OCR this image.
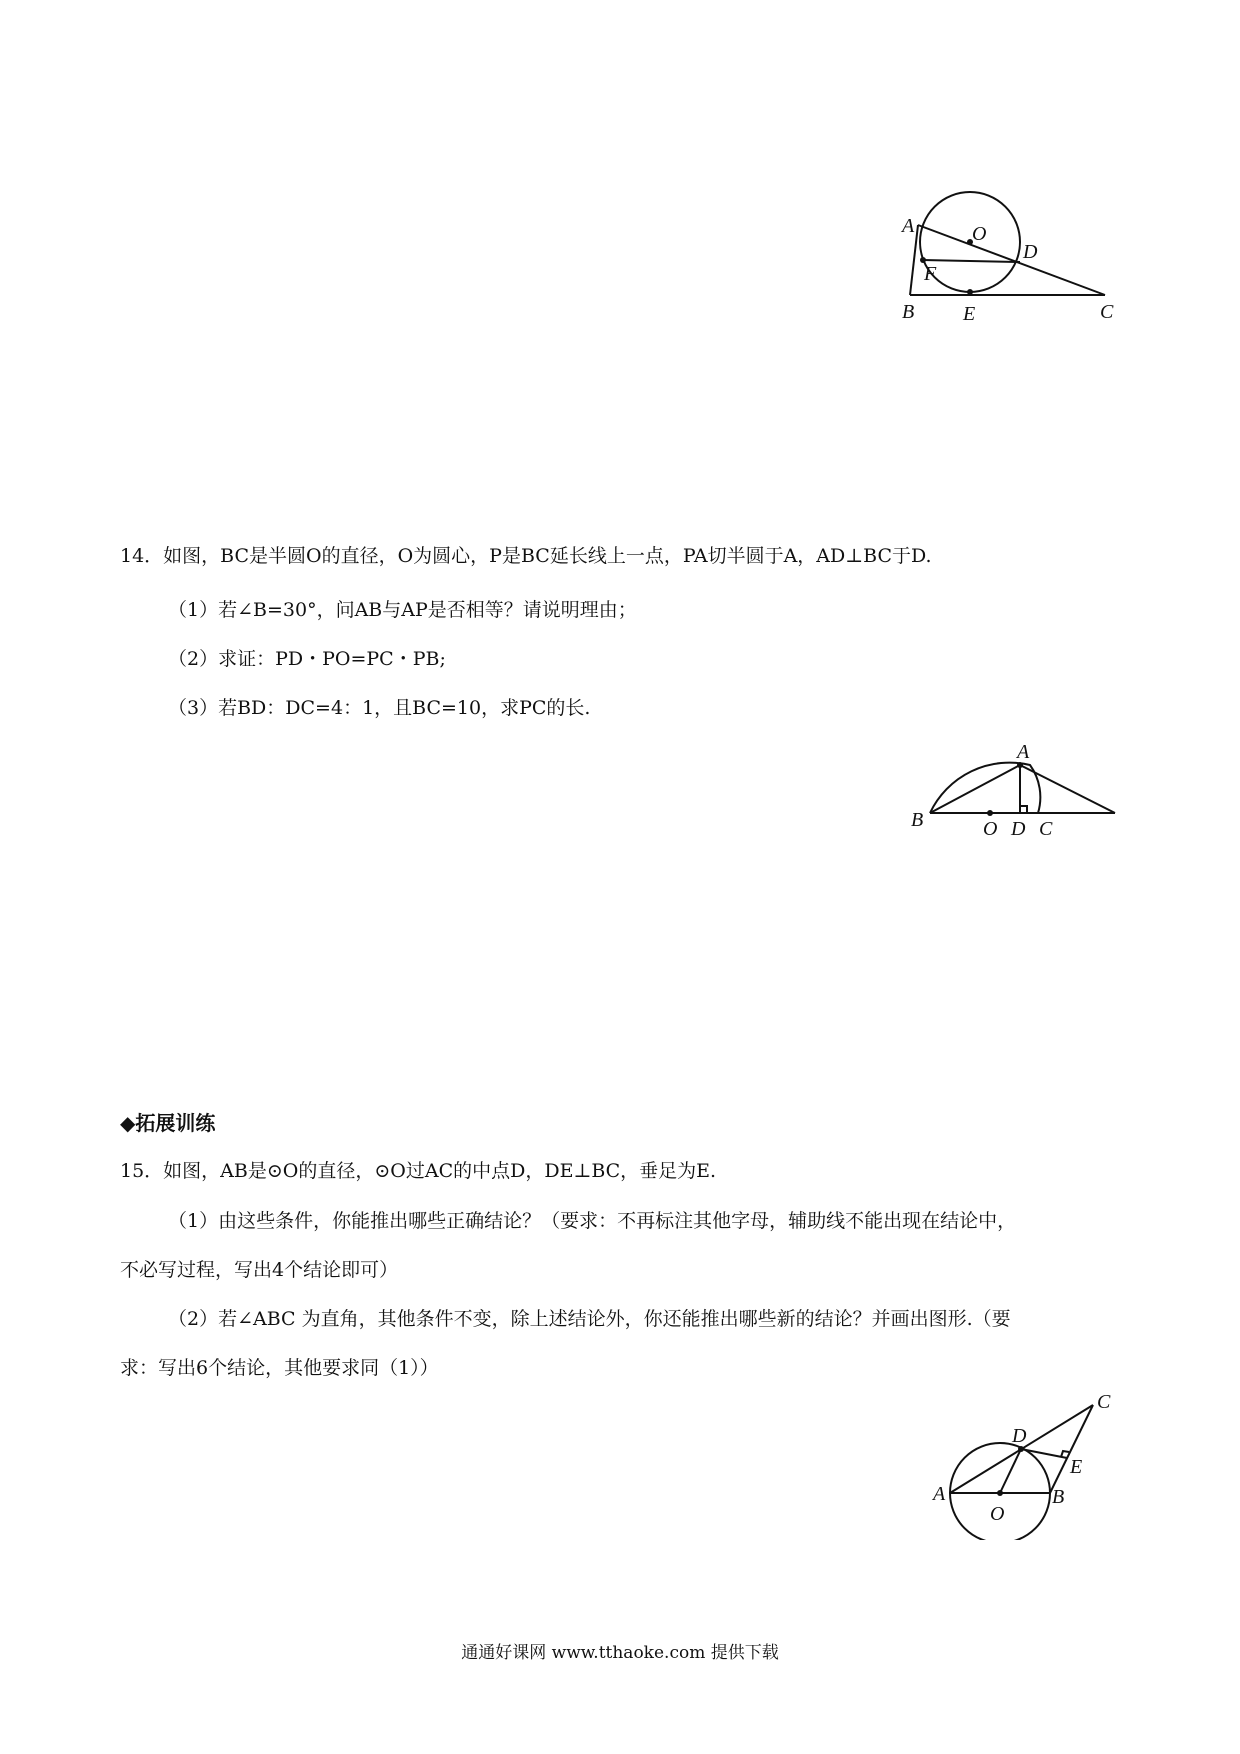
A	O
D
F
B E	C
14．如图，BC是半圆O的直径，O为圆心，P是BC延长线上一点，PA切半圆于A，AD⊥BC于D.
（1）若∠B=30°，问AB与AP是否相等？请说明理由；
（2）求证：PD・PO=PC・PB;
（3）若BD：DC=4：1，且BC=10，求PC的长.
A
B	O D C
◆拓展训练
15．如图，AB是⊙O的直径，⊙O过AC的中点D，DE⊥BC，垂足为E.
（1）由这些条件，你能推出哪些正确结论？（要求：不再标注其他字母，辅助线不能出现在结论中，
不必写过程，写出4个结论即可）
（2）若∠ABC 为直角，其他条件不变，除上述结论外，你还能推出哪些新的结论？并画出图形.（要
求：写出6个结论，其他要求同（1））
A
O
B
D
E
C
通通好课网 www.tthaoke.com 提供下载
